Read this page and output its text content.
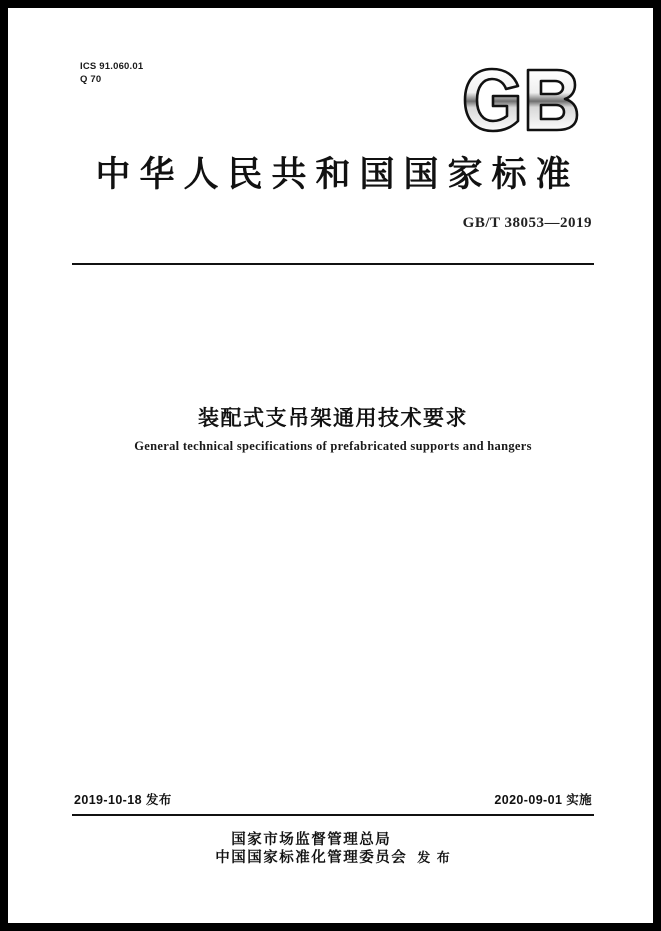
ICS 91.060.01
Q 70
中华人民共和国国家标准
GB/T 38053—2019
装配式支吊架通用技术要求
General technical specifications of prefabricated supports and hangers
2019-10-18 发布	2020-09-01 实施
国家市场监督管理总局
中国国家标准化管理委员会 发 布
